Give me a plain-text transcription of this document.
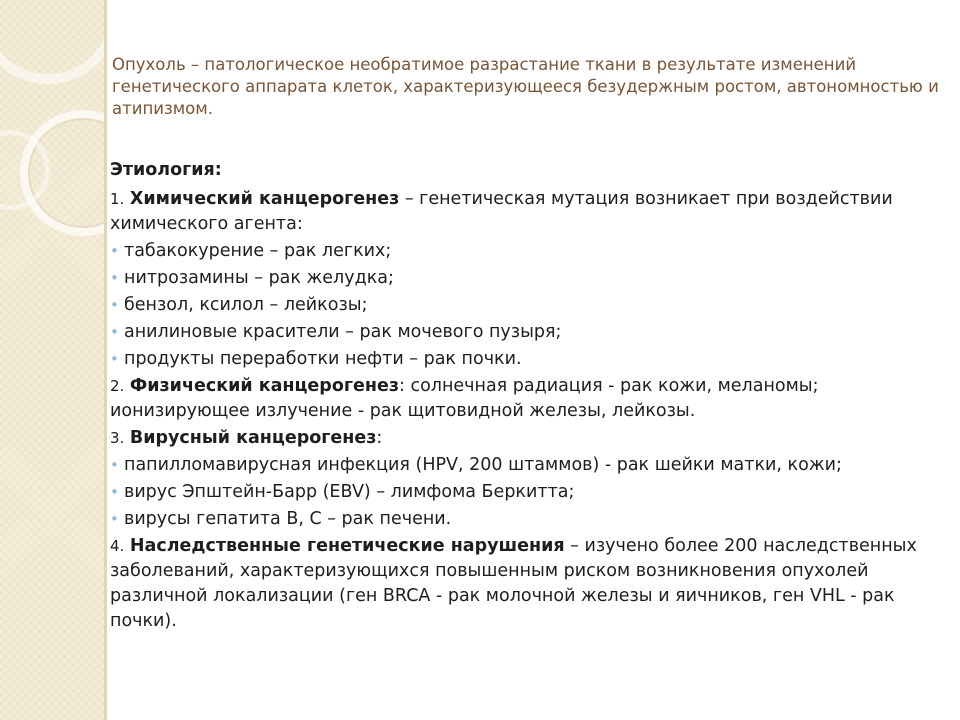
Опухоль – патологическое необратимое разрастание ткани в результате изменений генетического аппарата клеток, характеризующееся безудержным ростом, автономностью и атипизмом.
Этиология:
1. Химический канцерогенез – генетическая мутация возникает при воздействии химического агента:
• табакокурение – рак легких;
• нитрозамины – рак желудка;
• бензол, ксилол – лейкозы;
• анилиновые красители – рак мочевого пузыря;
• продукты переработки нефти – рак почки.
2. Физический канцерогенез: солнечная радиация - рак кожи, меланомы; ионизирующее излучение - рак щитовидной железы, лейкозы.
3. Вирусный канцерогенез:
• папилломавирусная инфекция (HPV, 200 штаммов) - рак шейки матки, кожи;
• вирус Эпштейн-Барр (EBV) – лимфома Беркитта;
• вирусы гепатита B, C – рак печени.
4. Наследственные генетические нарушения – изучено более 200 наследственных заболеваний, характеризующихся повышенным риском возникновения опухолей различной локализации (ген BRCA - рак молочной железы и яичников, ген VHL - рак почки).
